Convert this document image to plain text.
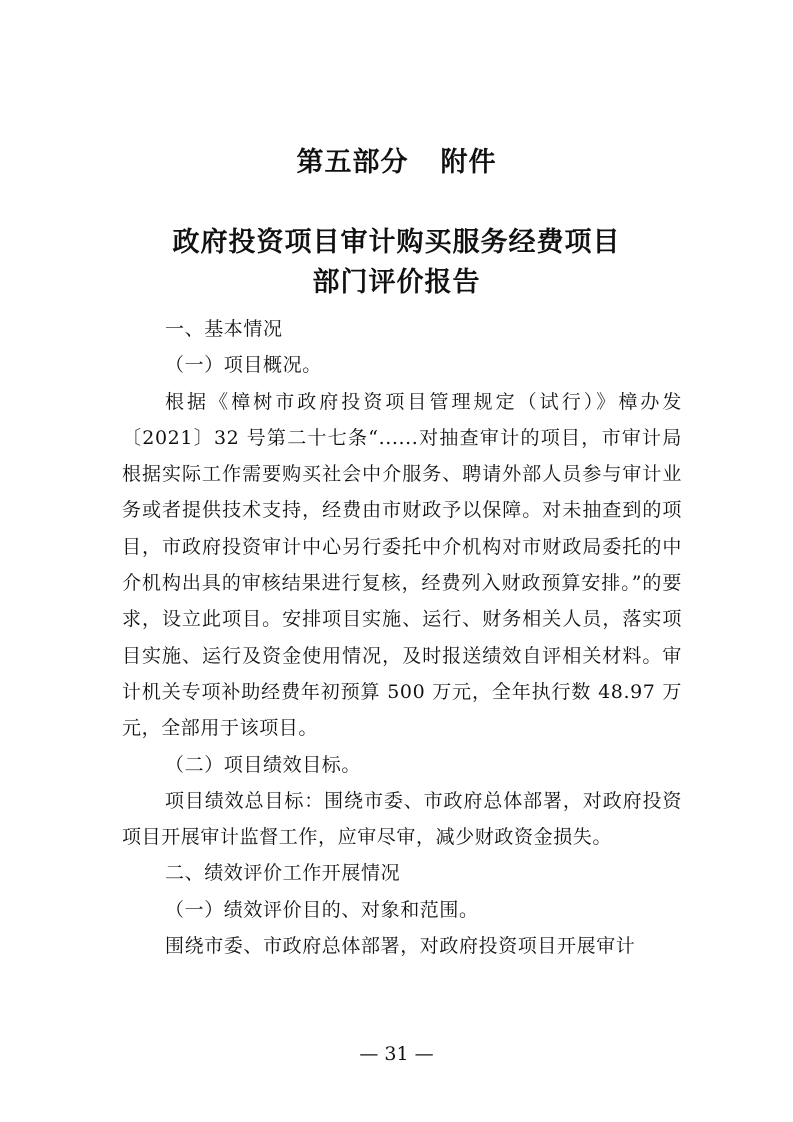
第五部分 附件
政府投资项目审计购买服务经费项目
部门评价报告

一、基本情况

（一）项目概况。

根据《樟树市政府投资项目管理规定（试行）》樟办发〔2021〕32 号第二十七条“......对抽查审计的项目，市审计局根据实际工作需要购买社会中介服务、聘请外部人员参与审计业务或者提供技术支持，经费由市财政予以保障。对未抽查到的项目，市政府投资审计中心另行委托中介机构对市财政局委托的中介机构出具的审核结果进行复核，经费列入财政预算安排。”的要求，设立此项目。安排项目实施、运行、财务相关人员，落实项目实施、运行及资金使用情况，及时报送绩效自评相关材料。审计机关专项补助经费年初预算 500 万元，全年执行数 48.97 万元，全部用于该项目。

（二）项目绩效目标。

项目绩效总目标：围绕市委、市政府总体部署，对政府投资项目开展审计监督工作，应审尽审，减少财政资金损失。

二、绩效评价工作开展情况

（一）绩效评价目的、对象和范围。

围绕市委、市政府总体部署，对政府投资项目开展审计

— 31 —
